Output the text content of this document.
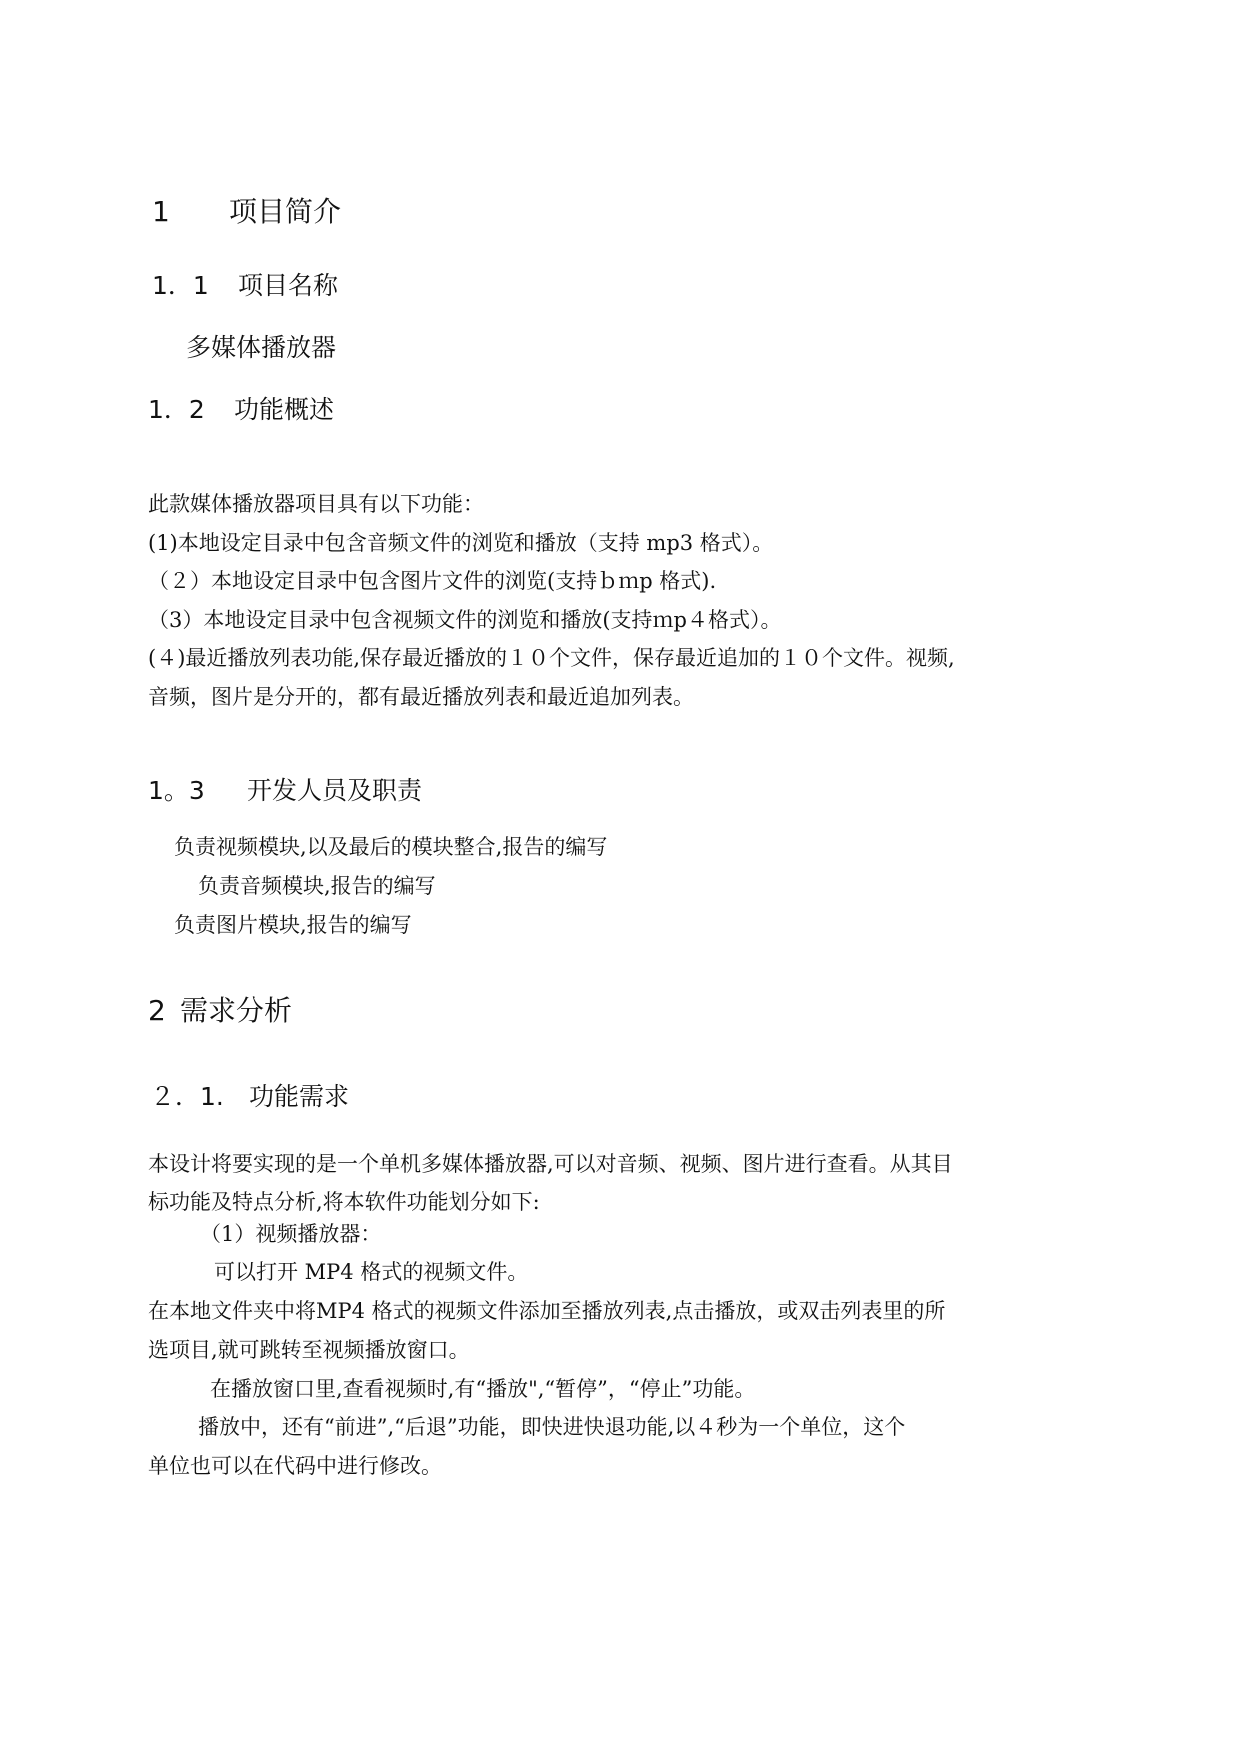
1 项目简介
1．1 项目名称
多媒体播放器
1．2 功能概述
此款媒体播放器项目具有以下功能：
(1)本地设定目录中包含音频文件的浏览和播放（支持 mp3 格式）。
（２）本地设定目录中包含图片文件的浏览(支持ｂｍp 格式).
（3）本地设定目录中包含视频文件的浏览和播放(支持ｍp４格式）。
(４)最近播放列表功能,保存最近播放的１０个文件，保存最近追加的１０个文件。视频,
音频，图片是分开的，都有最近播放列表和最近追加列表。
1。3 开发人员及职责
负责视频模块,以及最后的模块整合,报告的编写
负责音频模块,报告的编写
负责图片模块,报告的编写
2 需求分析
２．1. 功能需求
本设计将要实现的是一个单机多媒体播放器,可以对音频、视频、图片进行查看。从其目
标功能及特点分析,将本软件功能划分如下:
（1）视频播放器：
可以打开 MP4 格式的视频文件。
在本地文件夹中将MP4 格式的视频文件添加至播放列表,点击播放，或双击列表里的所
选项目,就可跳转至视频播放窗口。
在播放窗口里,查看视频时,有“播放",“暂停”，“停止”功能。
播放中，还有“前进”,“后退”功能，即快进快退功能,以４秒为一个单位，这个
单位也可以在代码中进行修改。
